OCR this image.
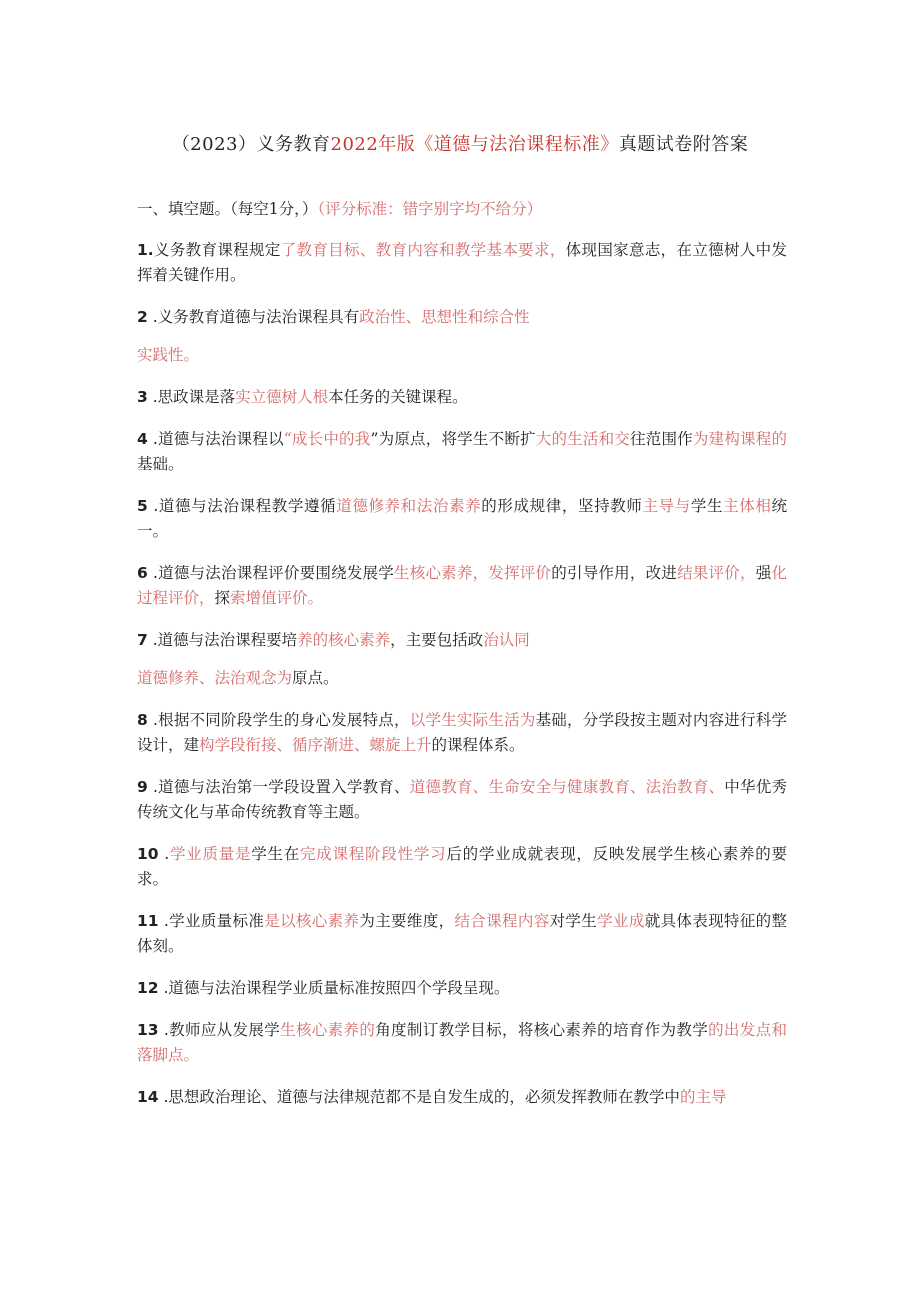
（2023）义务教育2022年版《道德与法治课程标准》真题试卷附答案
一、填空题。（每空1分，）（评分标准：错字别字均不给分）
1.义务教育课程规定了教育目标、教育内容和教学基本要求，体现国家意志，在立德树人中发挥着关键作用。
2 .义务教育道德与法治课程具有政治性、思想性和综合性
实践性。
3 .思政课是落实立德树人根本任务的关键课程。
4 .道德与法治课程以“成长中的我”为原点，将学生不断扩大的生活和交往范围作为建构课程的基础。
5 .道德与法治课程教学遵循道德修养和法治素养的形成规律，坚持教师主导与学生主体相统一。
6 .道德与法治课程评价要围绕发展学生核心素养，发挥评价的引导作用，改进结果评价，强化过程评价，探索增值评价。
7 .道德与法治课程要培养的核心素养，主要包括政治认同
道德修养、法治观念为原点。
8 .根据不同阶段学生的身心发展特点，以学生实际生活为基础，分学段按主题对内容进行科学设计，建构学段衔接、循序渐进、螺旋上升的课程体系。
9 .道德与法治第一学段设置入学教育、道德教育、生命安全与健康教育、法治教育、中华优秀传统文化与革命传统教育等主题。
10 .学业质量是学生在完成课程阶段性学习后的学业成就表现，反映发展学生核心素养的要求。
11 .学业质量标准是以核心素养为主要维度，结合课程内容对学生学业成就具体表现特征的整体刻。
12 .道德与法治课程学业质量标准按照四个学段呈现。
13 .教师应从发展学生核心素养的角度制订教学目标，将核心素养的培育作为教学的出发点和落脚点。
14 .思想政治理论、道德与法律规范都不是自发生成的，必须发挥教师在教学中的主导
